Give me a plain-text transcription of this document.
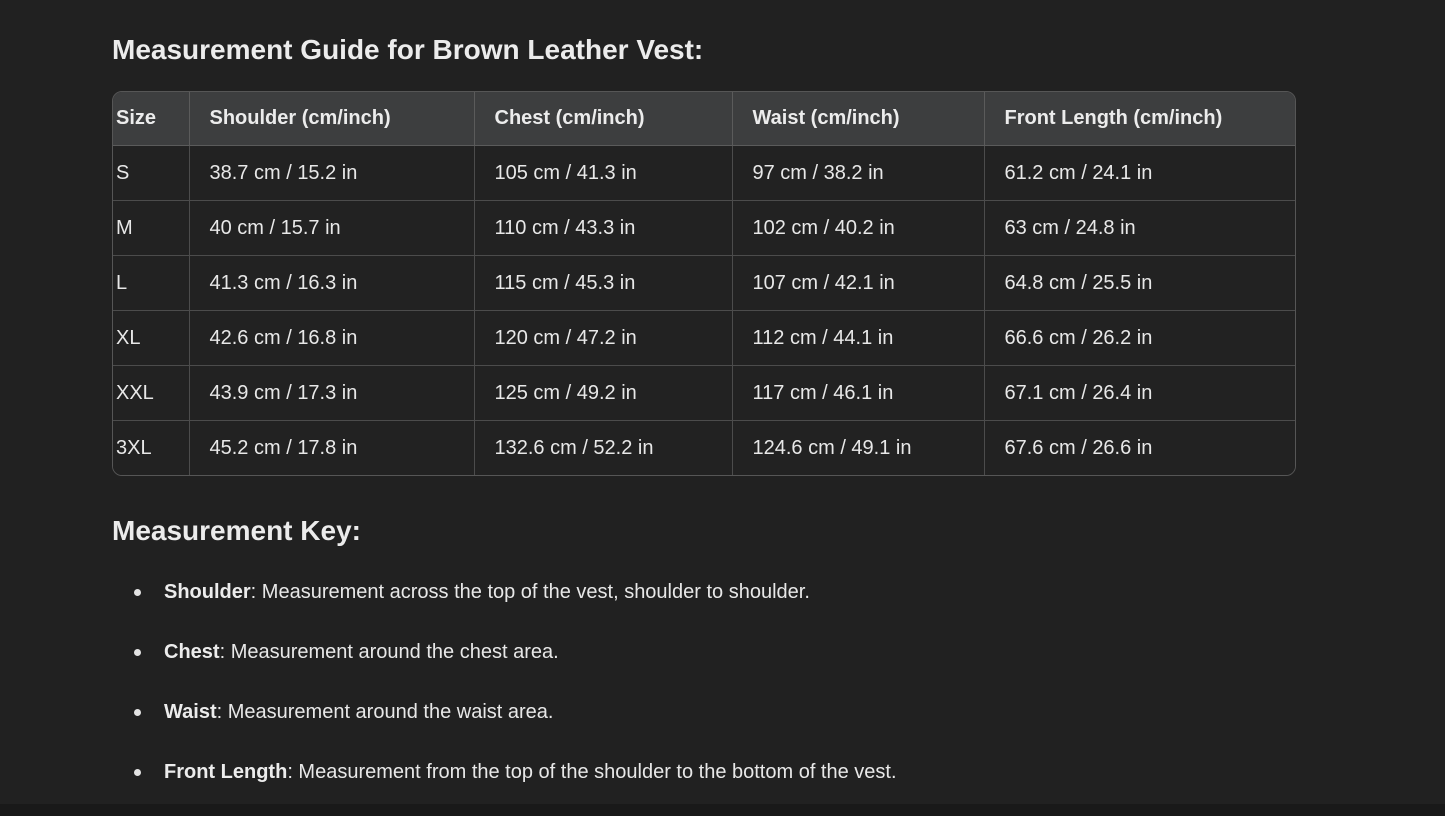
Measurement Guide for Brown Leather Vest:
Size	Shoulder (cm/inch)	Chest (cm/inch)	Waist (cm/inch)	Front Length (cm/inch)
S	38.7 cm / 15.2 in	105 cm / 41.3 in	97 cm / 38.2 in	61.2 cm / 24.1 in
M	40 cm / 15.7 in	110 cm / 43.3 in	102 cm / 40.2 in	63 cm / 24.8 in
L	41.3 cm / 16.3 in	115 cm / 45.3 in	107 cm / 42.1 in	64.8 cm / 25.5 in
XL	42.6 cm / 16.8 in	120 cm / 47.2 in	112 cm / 44.1 in	66.6 cm / 26.2 in
XXL	43.9 cm / 17.3 in	125 cm / 49.2 in	117 cm / 46.1 in	67.1 cm / 26.4 in
3XL	45.2 cm / 17.8 in	132.6 cm / 52.2 in	124.6 cm / 49.1 in	67.6 cm / 26.6 in
Measurement Key:
Shoulder: Measurement across the top of the vest, shoulder to shoulder.
Chest: Measurement around the chest area.
Waist: Measurement around the waist area.
Front Length: Measurement from the top of the shoulder to the bottom of the vest.
